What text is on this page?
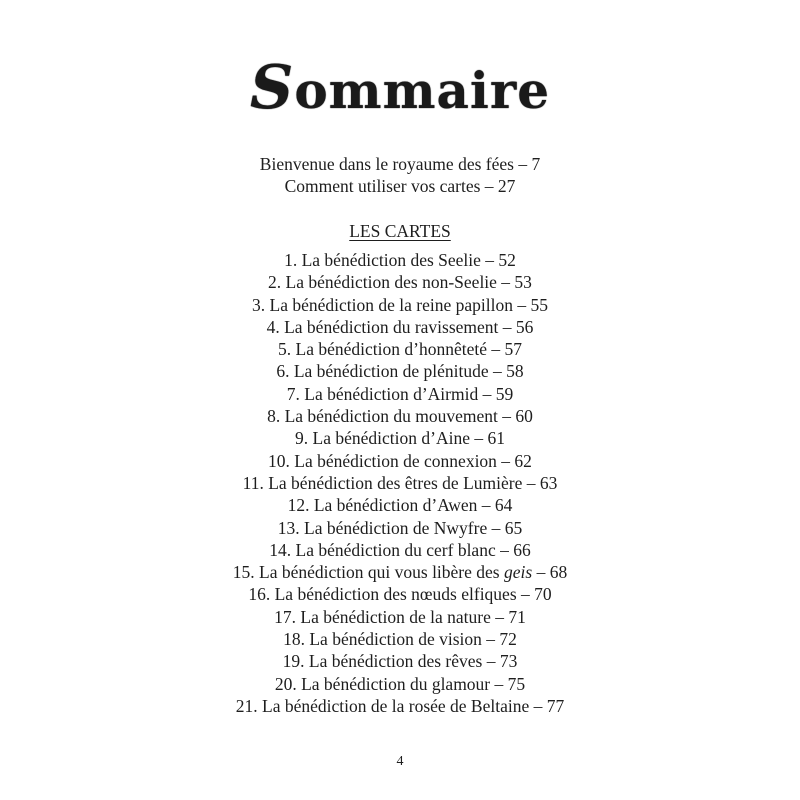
Sommaire

Bienvenue dans le royaume des fées – 7

Comment utiliser vos cartes – 27

LES CARTES
1. La bénédiction des Seelie – 52
2. La bénédiction des non-Seelie – 53
3. La bénédiction de la reine papillon – 55
4. La bénédiction du ravissement – 56
5. La bénédiction d’honnêteté – 57
6. La bénédiction de plénitude – 58
7. La bénédiction d’Airmid – 59
8. La bénédiction du mouvement – 60
9. La bénédiction d’Aine – 61
10. La bénédiction de connexion – 62
11. La bénédiction des êtres de Lumière – 63
12. La bénédiction d’Awen – 64
13. La bénédiction de Nwyfre – 65
14. La bénédiction du cerf blanc – 66
15. La bénédiction qui vous libère des geis – 68
16. La bénédiction des nœuds elfiques – 70
17. La bénédiction de la nature – 71
18. La bénédiction de vision – 72
19. La bénédiction des rêves – 73
20. La bénédiction du glamour – 75
21. La bénédiction de la rosée de Beltaine – 77
4
